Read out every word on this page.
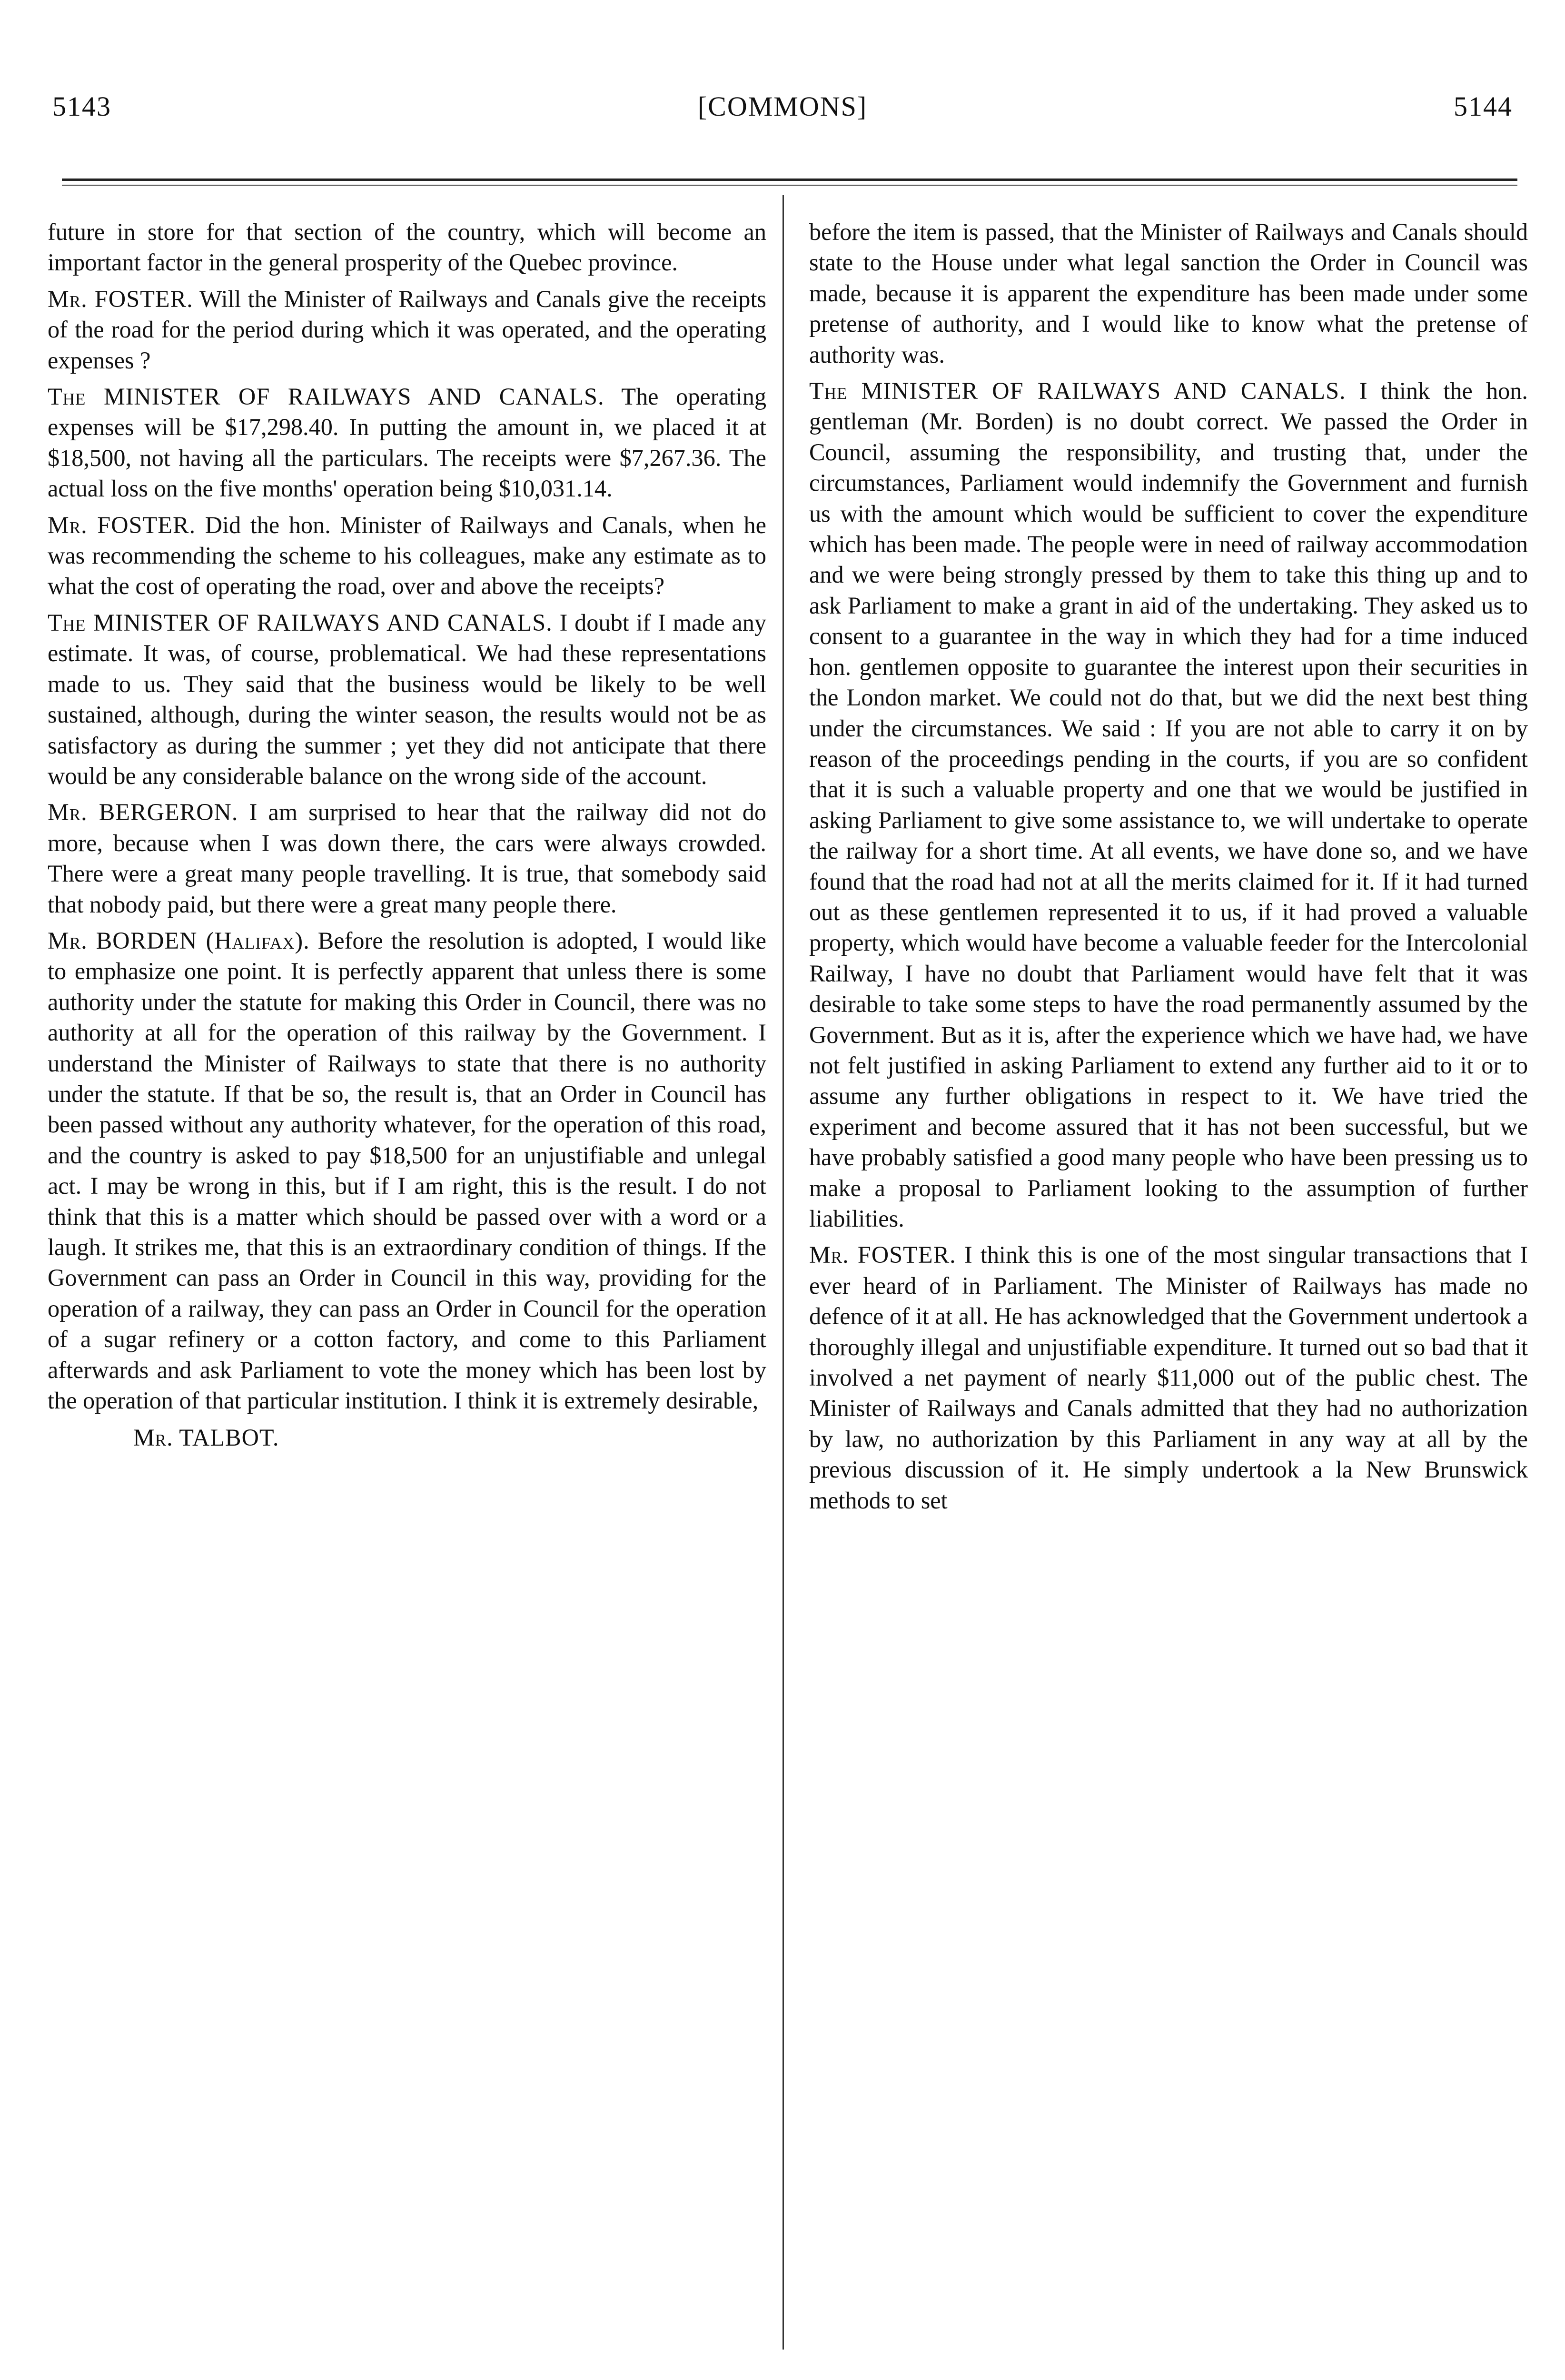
5143	[COMMONS]	5144

future in store for that section of the country, which will become an important factor in the general prosperity of the Quebec province.

Mr. FOSTER. Will the Minister of Railways and Canals give the receipts of the road for the period during which it was operated, and the operating expenses ?

The MINISTER OF RAILWAYS AND CANALS. The operating expenses will be $17,298.40. In putting the amount in, we placed it at $18,500, not having all the particulars. The receipts were $7,267.36. The actual loss on the five months' operation being $10,031.14.

Mr. FOSTER. Did the hon. Minister of Railways and Canals, when he was recommending the scheme to his colleagues, make any estimate as to what the cost of operating the road, over and above the receipts?

The MINISTER OF RAILWAYS AND CANALS. I doubt if I made any estimate. It was, of course, problematical. We had these representations made to us. They said that the business would be likely to be well sustained, although, during the winter season, the results would not be as satisfactory as during the summer ; yet they did not anticipate that there would be any considerable balance on the wrong side of the account.

Mr. BERGERON. I am surprised to hear that the railway did not do more, because when I was down there, the cars were always crowded. There were a great many people travelling. It is true, that somebody said that nobody paid, but there were a great many people there.

Mr. BORDEN (Halifax). Before the resolution is adopted, I would like to emphasize one point. It is perfectly apparent that unless there is some authority under the statute for making this Order in Council, there was no authority at all for the operation of this railway by the Government. I understand the Minister of Railways to state that there is no authority under the statute. If that be so, the result is, that an Order in Council has been passed without any authority whatever, for the operation of this road, and the country is asked to pay $18,500 for an unjustifiable and unlegal act. I may be wrong in this, but if I am right, this is the result. I do not think that this is a matter which should be passed over with a word or a laugh. It strikes me, that this is an extraordinary condition of things. If the Government can pass an Order in Council in this way, providing for the operation of a railway, they can pass an Order in Council for the operation of a sugar refinery or a cotton factory, and come to this Parliament afterwards and ask Parliament to vote the money which has been lost by the operation of that particular institution. I think it is extremely desirable,

Mr. TALBOT.

before the item is passed, that the Minister of Railways and Canals should state to the House under what legal sanction the Order in Council was made, because it is apparent the expenditure has been made under some pretense of authority, and I would like to know what the pretense of authority was.

The MINISTER OF RAILWAYS AND CANALS. I think the hon. gentleman (Mr. Borden) is no doubt correct. We passed the Order in Council, assuming the responsibility, and trusting that, under the circumstances, Parliament would indemnify the Government and furnish us with the amount which would be sufficient to cover the expenditure which has been made. The people were in need of railway accommodation and we were being strongly pressed by them to take this thing up and to ask Parliament to make a grant in aid of the undertaking. They asked us to consent to a guarantee in the way in which they had for a time induced hon. gentlemen opposite to guarantee the interest upon their securities in the London market. We could not do that, but we did the next best thing under the circumstances. We said : If you are not able to carry it on by reason of the proceedings pending in the courts, if you are so confident that it is such a valuable property and one that we would be justified in asking Parliament to give some assistance to, we will undertake to operate the railway for a short time. At all events, we have done so, and we have found that the road had not at all the merits claimed for it. If it had turned out as these gentlemen represented it to us, if it had proved a valuable property, which would have become a valuable feeder for the Intercolonial Railway, I have no doubt that Parliament would have felt that it was desirable to take some steps to have the road permanently assumed by the Government. But as it is, after the experience which we have had, we have not felt justified in asking Parliament to extend any further aid to it or to assume any further obligations in respect to it. We have tried the experiment and become assured that it has not been successful, but we have probably satisfied a good many people who have been pressing us to make a proposal to Parliament looking to the assumption of further liabilities.

Mr. FOSTER. I think this is one of the most singular transactions that I ever heard of in Parliament. The Minister of Railways has made no defence of it at all. He has acknowledged that the Government undertook a thoroughly illegal and unjustifiable expenditure. It turned out so bad that it involved a net payment of nearly $11,000 out of the public chest. The Minister of Railways and Canals admitted that they had no authorization by law, no authorization by this Parliament in any way at all by the previous discussion of it. He simply undertook a la New Brunswick methods to set
